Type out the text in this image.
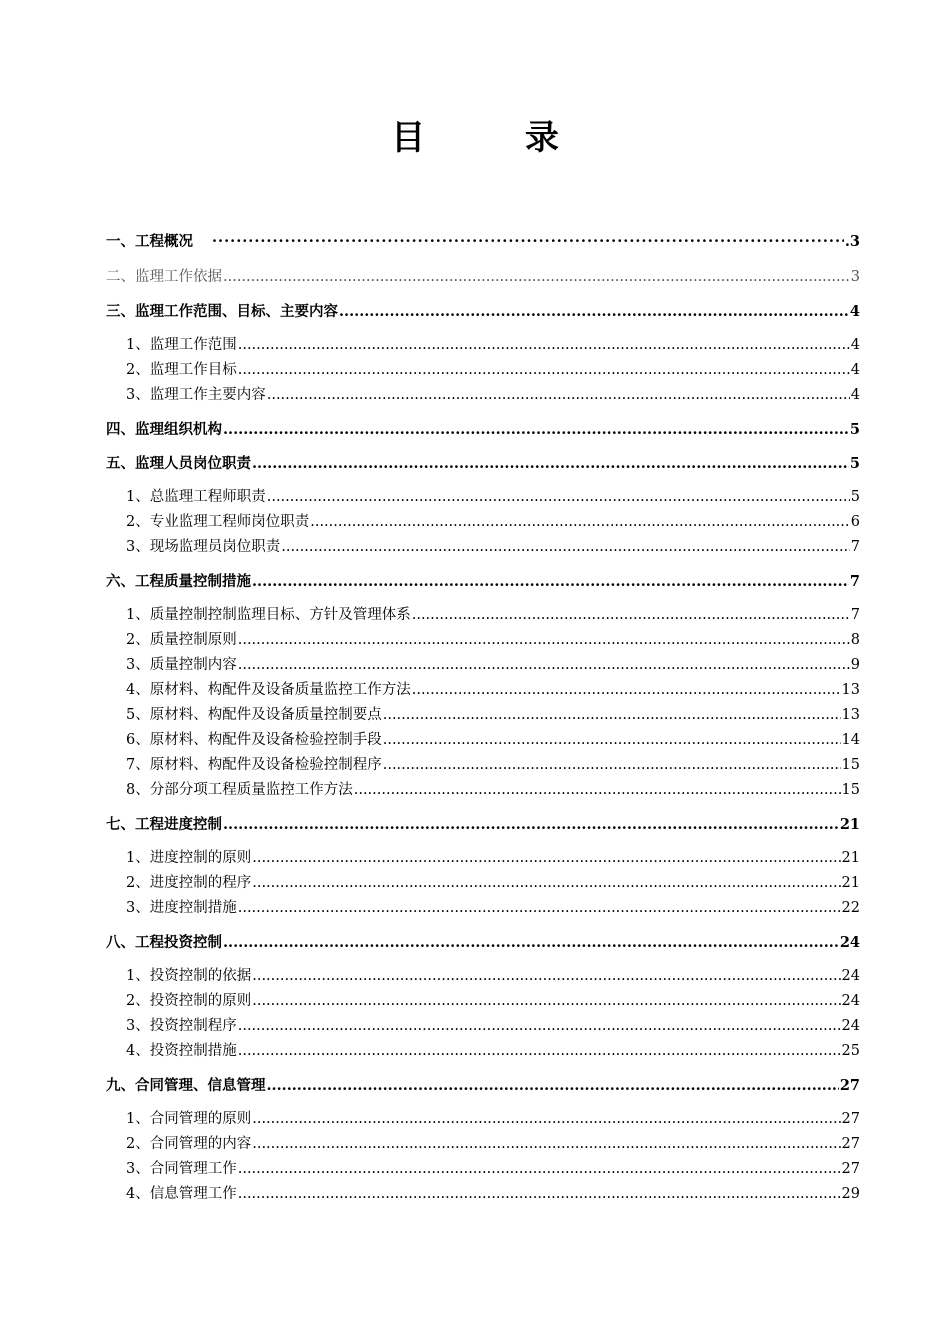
目 录
一、工程概况 ·····	.3
二、监理工作依据 .....	3
三、监理工作范围、目标、主要内容 .....	4
1、监理工作范围 .....	4
2、监理工作目标 .....	4
3、监理工作主要内容 .....	4
四、监理组织机构 .....	5
五、监理人员岗位职责 .....	5
1、总监理工程师职责 .....	5
2、专业监理工程师岗位职责 .....	6
3、现场监理员岗位职责 .....	7
六、工程质量控制措施 .....	7
1、质量控制控制监理目标、方针及管理体系 .....	7
2、质量控制原则 .....	8
3、质量控制内容 .....	9
4、原材料、构配件及设备质量监控工作方法 .....	13
5、原材料、构配件及设备质量控制要点 .....	13
6、原材料、构配件及设备检验控制手段 .....	14
7、原材料、构配件及设备检验控制程序 .....	15
8、分部分项工程质量监控工作方法 .....	15
七、工程进度控制 .....	21
1、进度控制的原则 .....	21
2、进度控制的程序 .....	21
3、进度控制措施 .....	22
八、工程投资控制 .....	24
1、投资控制的依据 .....	24
2、投资控制的原则 .....	24
3、投资控制程序 .....	24
4、投资控制措施 .....	25
九、合同管理、信息管理 .....	27
1、合同管理的原则 .....	27
2、合同管理的内容 .....	27
3、合同管理工作 .....	27
4、信息管理工作 .....	29
